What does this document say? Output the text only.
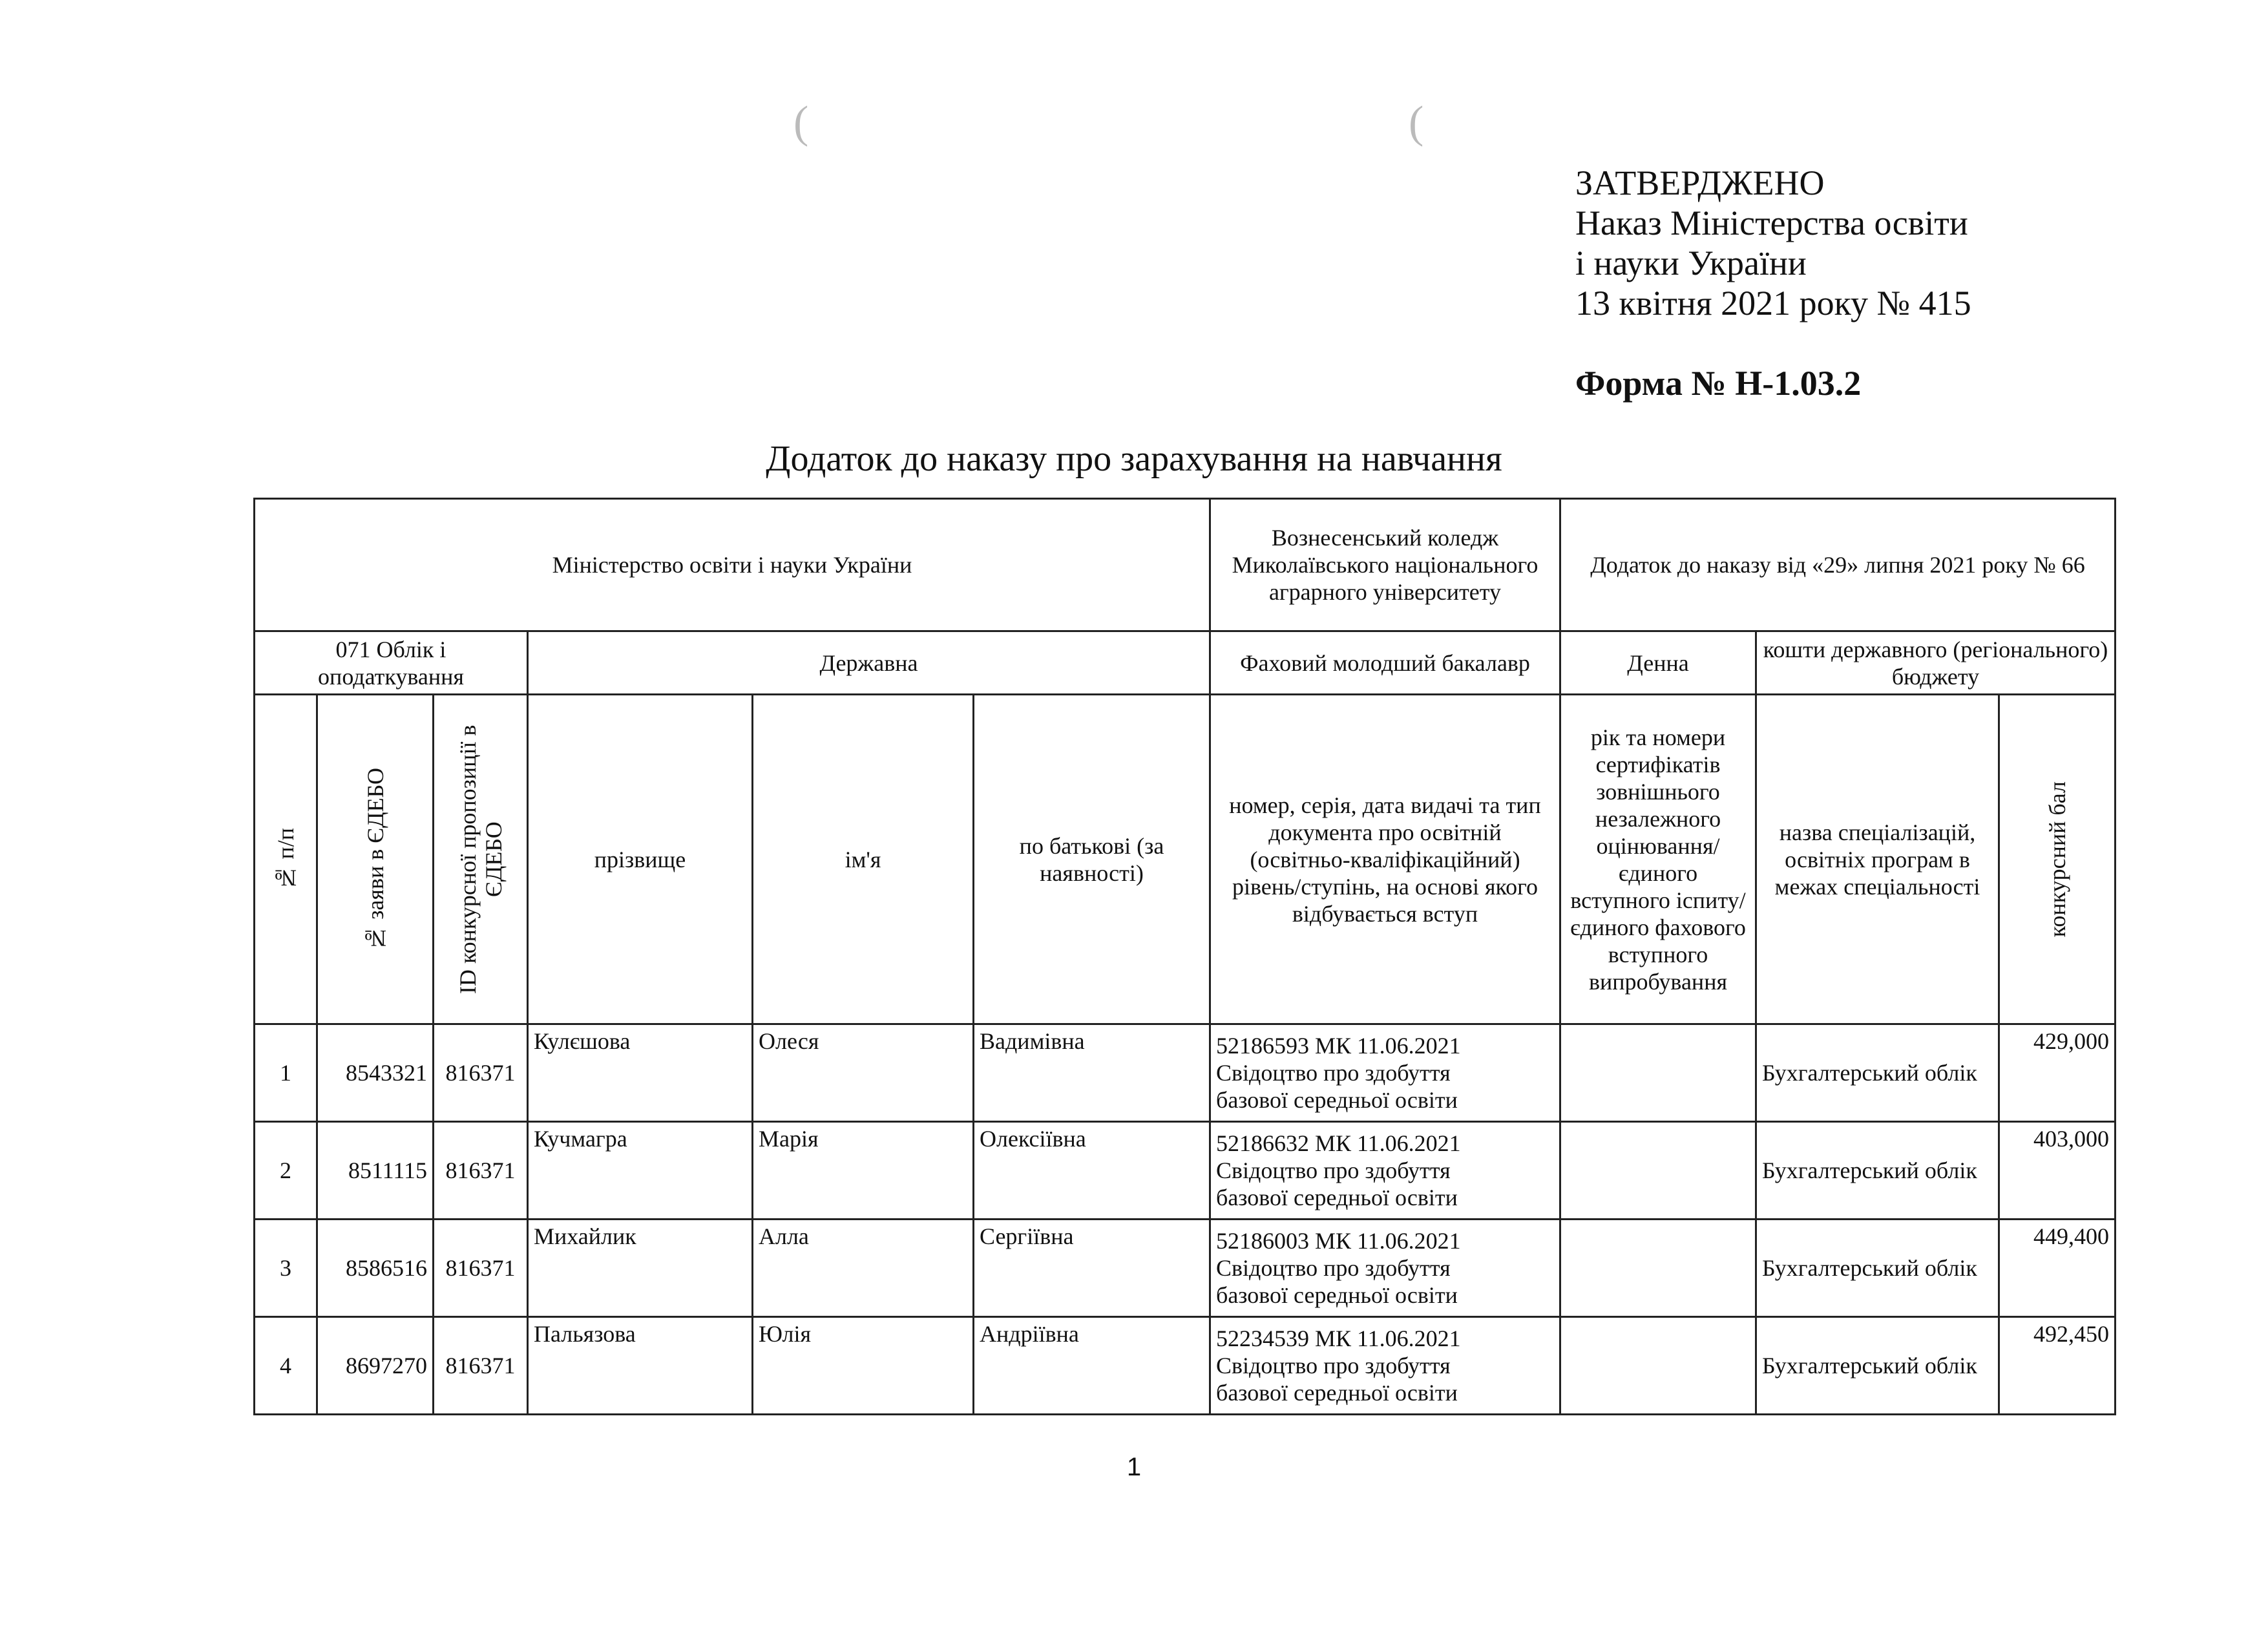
(	(
ЗАТВЕРДЖЕНО
Наказ Міністерства освіти
і науки України
13 квітня 2021 року № 415
Форма № Н-1.03.2
Додаток до наказу про зарахування на навчання
Міністерство освіти і науки України						Вознесенський коледж Миколаївського національного аграрного університету	Додаток до наказу від «29» липня 2021 року № 66		
071 Облік і оподаткування			Державна			Фаховий молодший бакалавр	Денна	кошти державного (регіонального) бюджету	

№ п/п	№ заяви в ЄДЕБО	ID конкурсної пропозиції в ЄДЕБО	прізвище	ім'я	по батькові (за наявності)	номер, серія, дата видачі та тип документа про освітній (освітньо-кваліфікаційний) рівень/ступінь, на основі якого відбувається вступ	рік та номери сертифікатів зовнішнього незалежного оцінювання/ єдиного вступного іспиту/ єдиного фахового вступного випробування	назва спеціалізацій, освітніх програм в межах спеціальності	конкурсний бал

1	8543321	816371	Кулєшова	Олеся	Вадимівна	52186593 МК 11.06.2021
Свідоцтво про здобуття
базової середньої освіти		Бухгалтерський облік	429,000
2	8511115	816371	Кучмагра	Марія	Олексіївна	52186632 МК 11.06.2021
Свідоцтво про здобуття
базової середньої освіти		Бухгалтерський облік	403,000
3	8586516	816371	Михайлик	Алла	Сергіївна	52186003 МК 11.06.2021
Свідоцтво про здобуття
базової середньої освіти		Бухгалтерський облік	449,400
4	8697270	816371	Пальязова	Юлія	Андріївна	52234539 МК 11.06.2021
Свідоцтво про здобуття
базової середньої освіти		Бухгалтерський облік	492,450
1
